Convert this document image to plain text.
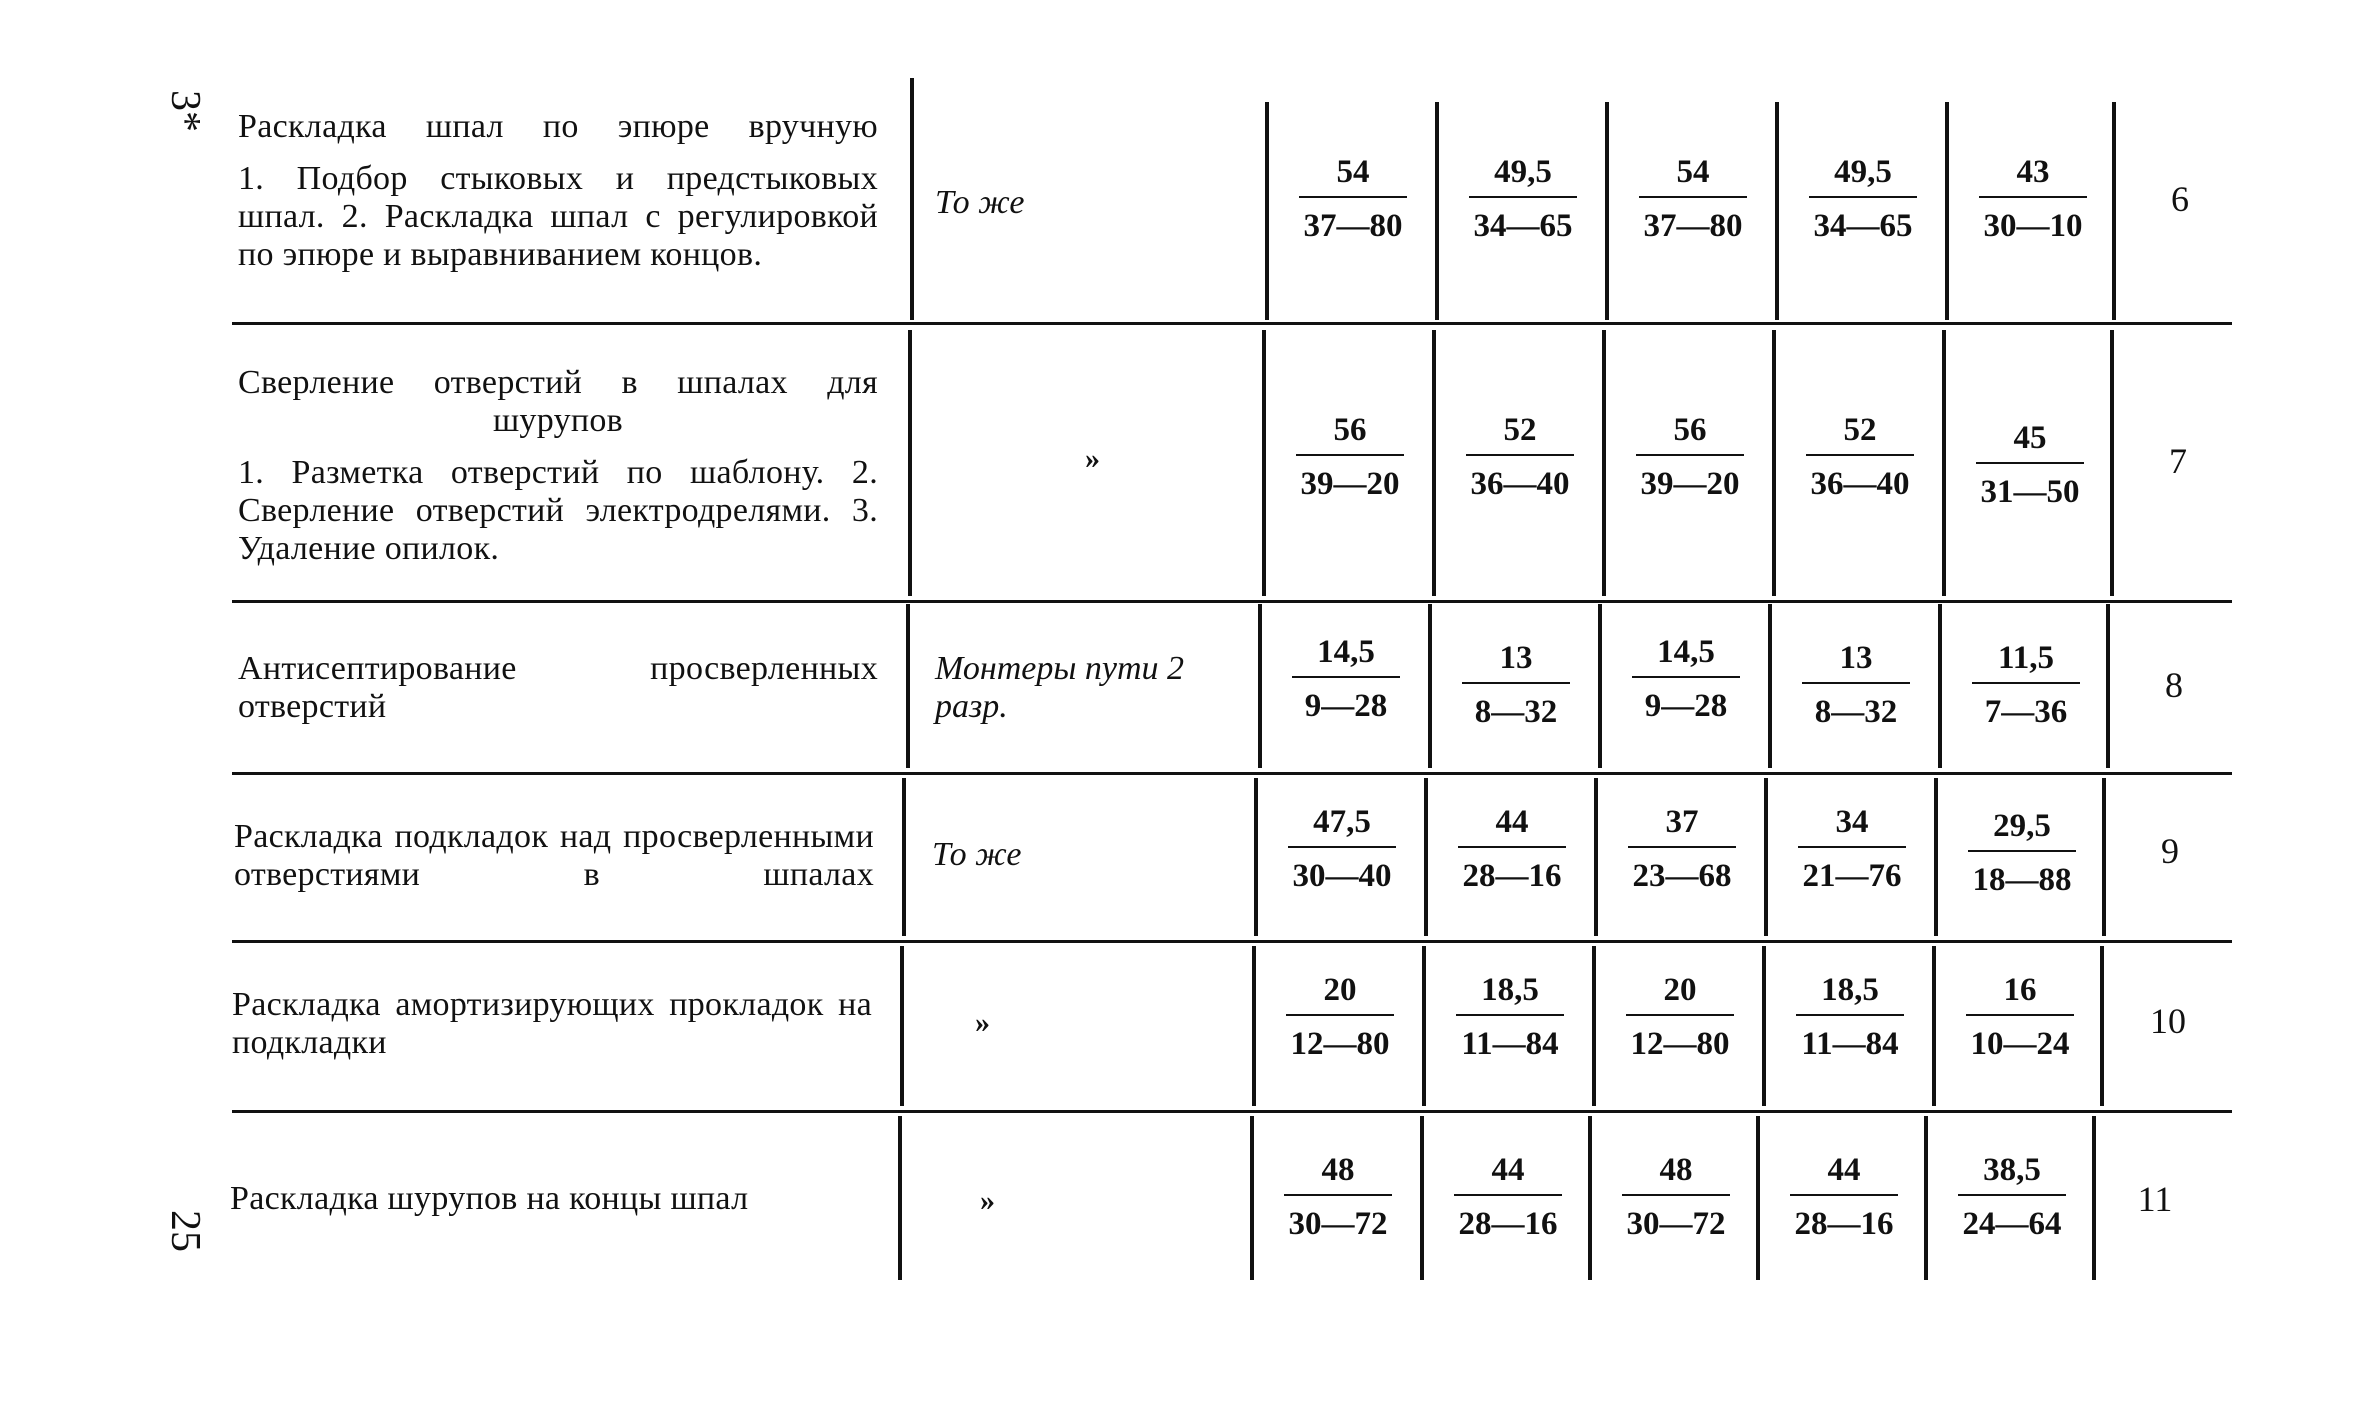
3*
25
Раскладка шпал по эпюре вручную
1. Подбор стыковых и предстыковых шпал. 2. Раскладка шпал с регулировкой по эпюре и выравниванием концов.
То же
54
37—80
49,5
34—65
54
37—80
49,5
34—65
43
30—10
6
Сверление отверстий в шпалах для шурупов
1. Разметка отверстий по шаблону. 2. Сверление отверстий электродрелями. 3. Удаление опилок.
»
56
39—20
52
36—40
56
39—20
52
36—40
45
31—50
7
Антисептирование просверленных отверстий
Монтеры пути 2 разр.
14,5
9—28
13
8—32
14,5
9—28
13
8—32
11,5
7—36
8
Раскладка подкладок над просверленными отверстиями в шпалах
То же
47,5
30—40
44
28—16
37
23—68
34
21—76
29,5
18—88
9
Раскладка амортизирующих прокладок на подкладки
»
20
12—80
18,5
11—84
20
12—80
18,5
11—84
16
10—24
10
Раскладка шурупов на концы шпал	»
48
30—72
44
28—16
48
30—72
44
28—16
38,5
24—64
11
